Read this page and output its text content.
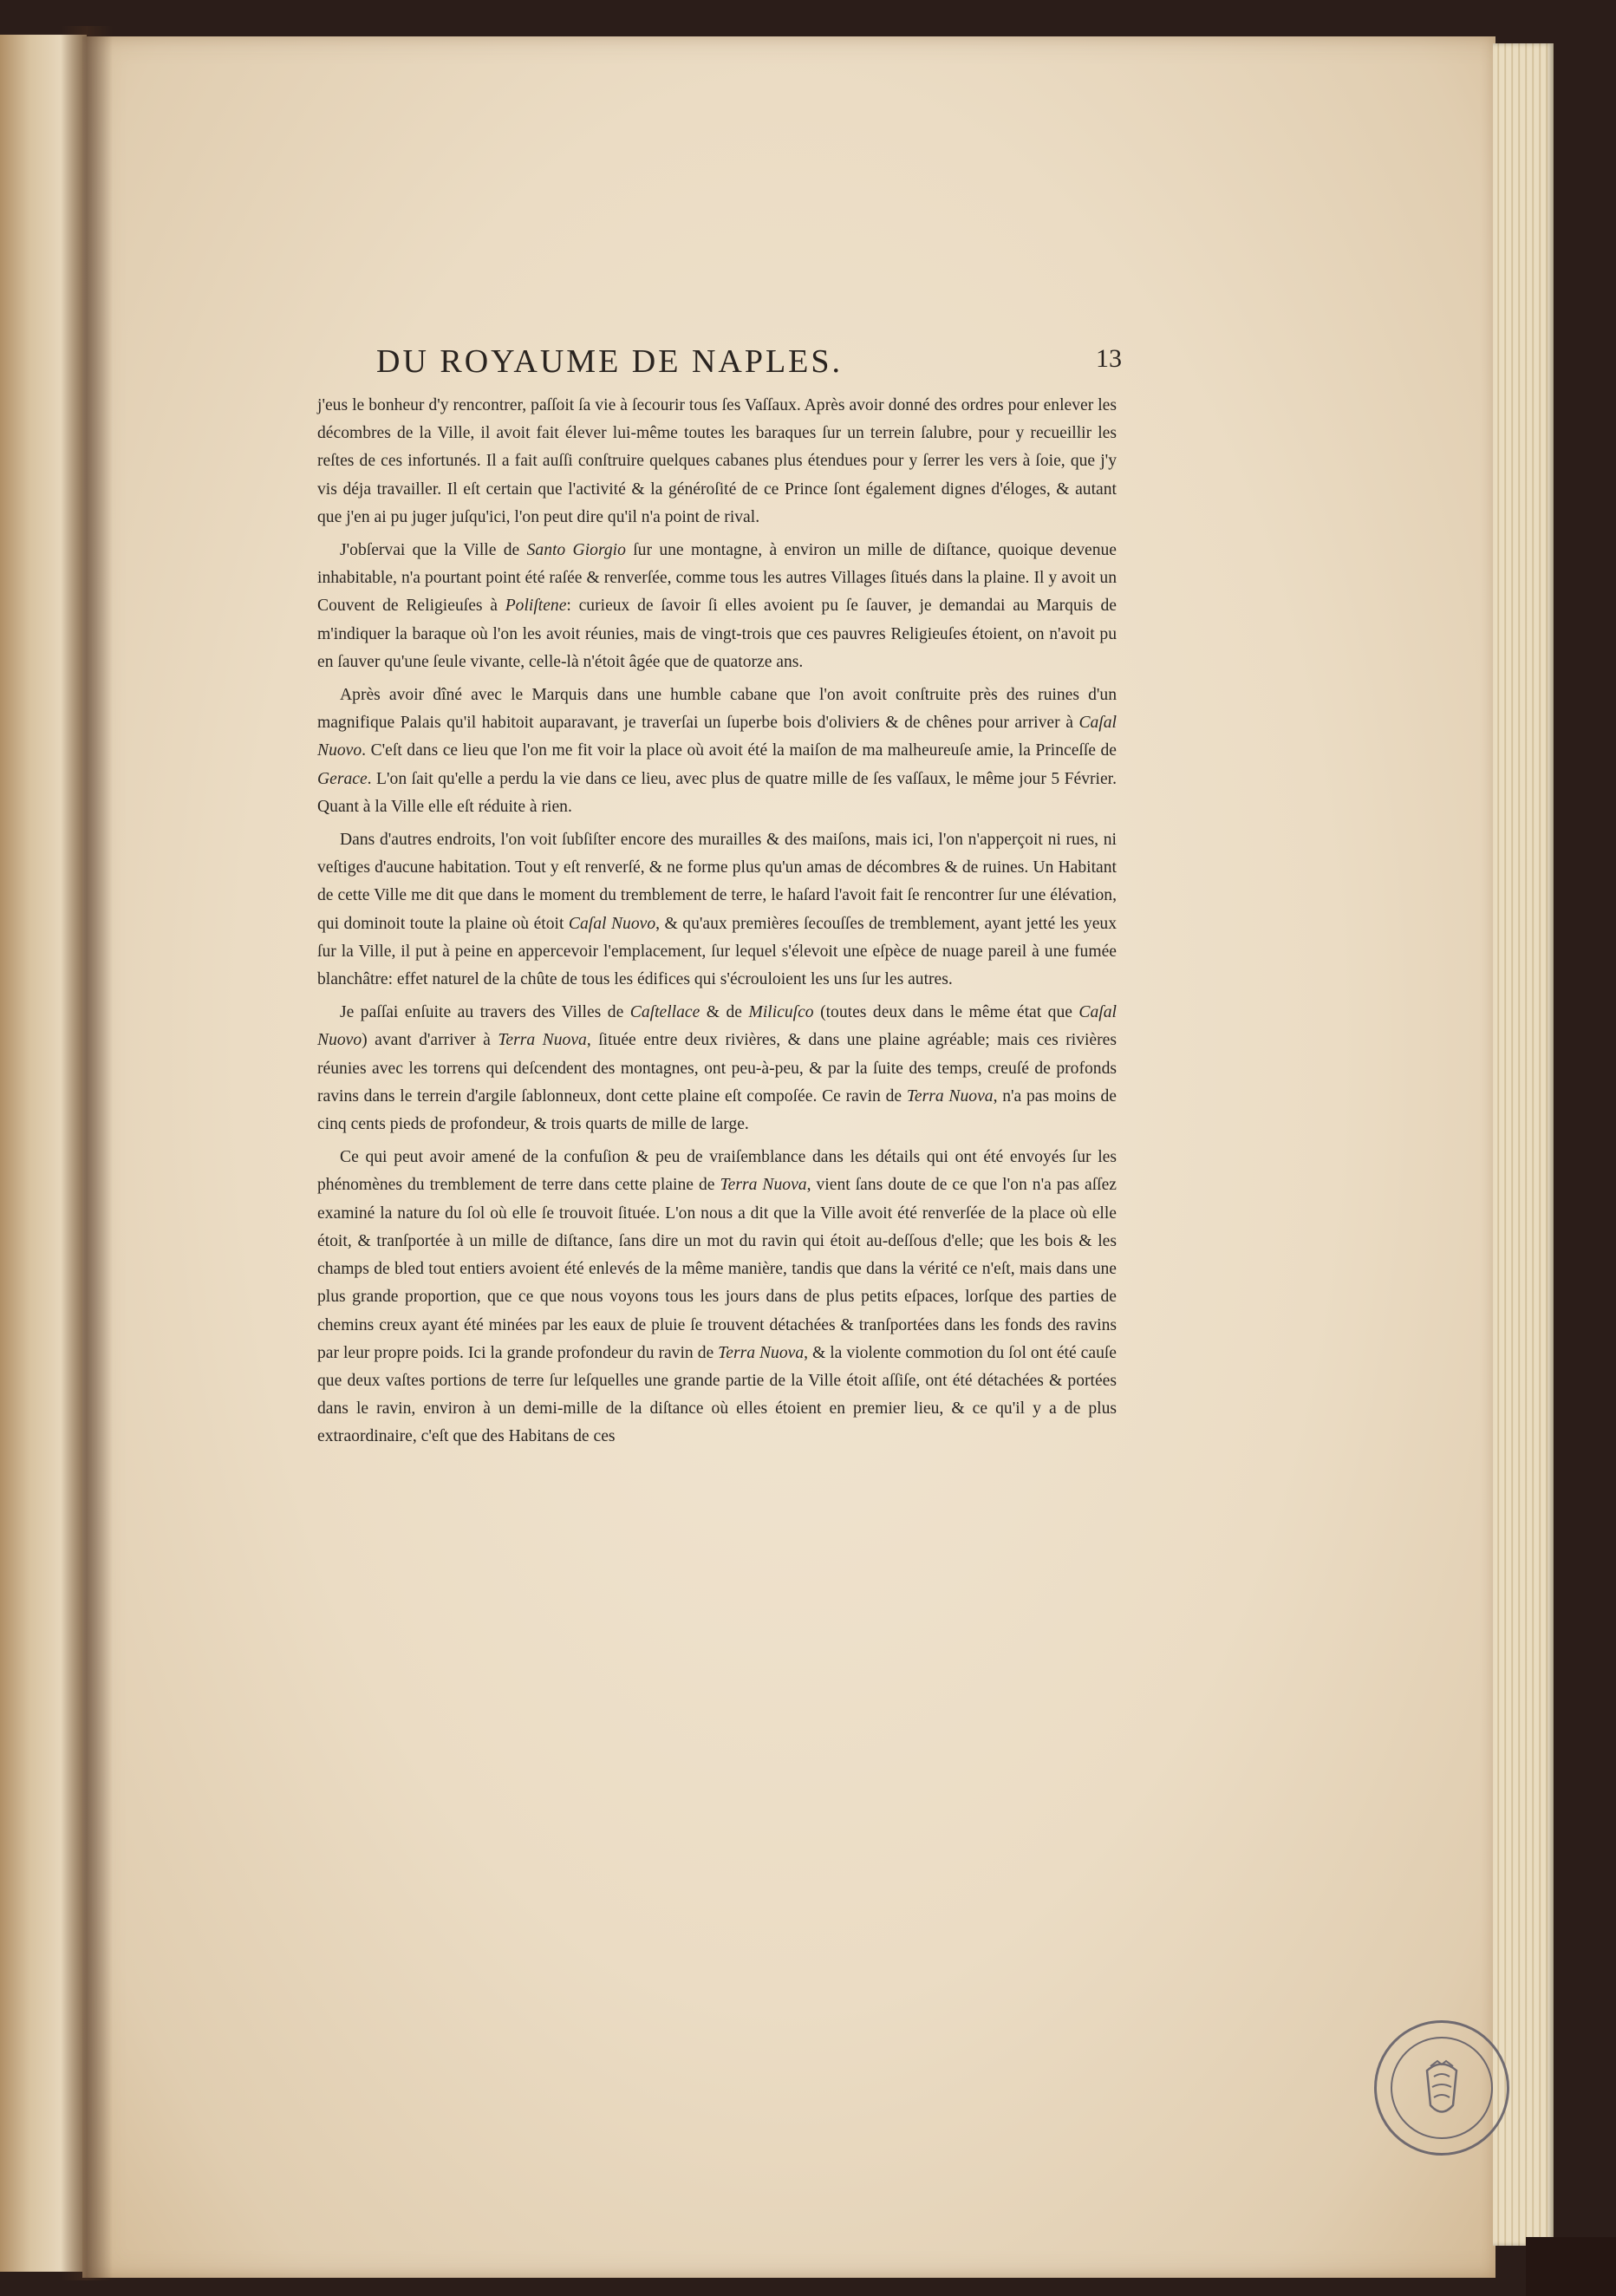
DU ROYAUME DE NAPLES.	13

j'eus le bonheur d'y rencontrer, paſſoit ſa vie à ſecourir tous ſes Vaſſaux. Après avoir donné des ordres pour enlever les décombres de la Ville, il avoit fait élever lui-même toutes les baraques ſur un terrein ſalubre, pour y recueillir les reſtes de ces infortunés. Il a fait auſſi conſtruire quelques cabanes plus étendues pour y ſerrer les vers à ſoie, que j'y vis déja travailler. Il eſt certain que l'activité & la généroſité de ce Prince ſont également dignes d'éloges, & autant que j'en ai pu juger juſqu'ici, l'on peut dire qu'il n'a point de rival.

J'obſervai que la Ville de Santo Giorgio ſur une montagne, à environ un mille de diſtance, quoique devenue inhabitable, n'a pourtant point été raſée & renverſée, comme tous les autres Villages ſitués dans la plaine. Il y avoit un Couvent de Religieuſes à Poliſtene: curieux de ſavoir ſi elles avoient pu ſe ſauver, je demandai au Marquis de m'indiquer la baraque où l'on les avoit réunies, mais de vingt-trois que ces pauvres Religieuſes étoient, on n'avoit pu en ſauver qu'une ſeule vivante, celle-là n'étoit âgée que de quatorze ans.

Après avoir dîné avec le Marquis dans une humble cabane que l'on avoit conſtruite près des ruines d'un magnifique Palais qu'il habitoit auparavant, je traverſai un ſuperbe bois d'oliviers & de chênes pour arriver à Caſal Nuovo. C'eſt dans ce lieu que l'on me fit voir la place où avoit été la maiſon de ma malheureuſe amie, la Princeſſe de Gerace. L'on ſait qu'elle a perdu la vie dans ce lieu, avec plus de quatre mille de ſes vaſſaux, le même jour 5 Février. Quant à la Ville elle eſt réduite à rien.

Dans d'autres endroits, l'on voit ſubſiſter encore des murailles & des maiſons, mais ici, l'on n'apperçoit ni rues, ni veſtiges d'aucune habitation. Tout y eſt renverſé, & ne forme plus qu'un amas de décombres & de ruines. Un Habitant de cette Ville me dit que dans le moment du tremblement de terre, le haſard l'avoit fait ſe rencontrer ſur une élévation, qui dominoit toute la plaine où étoit Caſal Nuovo, & qu'aux premières ſecouſſes de tremblement, ayant jetté les yeux ſur la Ville, il put à peine en appercevoir l'emplacement, ſur lequel s'élevoit une eſpèce de nuage pareil à une fumée blanchâtre: effet naturel de la chûte de tous les édifices qui s'écrouloient les uns ſur les autres.

Je paſſai enſuite au travers des Villes de Caſtellace & de Milicuſco (toutes deux dans le même état que Caſal Nuovo) avant d'arriver à Terra Nuova, ſituée entre deux rivières, & dans une plaine agréable; mais ces rivières réunies avec les torrens qui deſcendent des montagnes, ont peu-à-peu, & par la ſuite des temps, creuſé de profonds ravins dans le terrein d'argile ſablonneux, dont cette plaine eſt compoſée. Ce ravin de Terra Nuova, n'a pas moins de cinq cents pieds de profondeur, & trois quarts de mille de large.

Ce qui peut avoir amené de la confuſion & peu de vraiſemblance dans les détails qui ont été envoyés ſur les phénomènes du tremblement de terre dans cette plaine de Terra Nuova, vient ſans doute de ce que l'on n'a pas aſſez examiné la nature du ſol où elle ſe trouvoit ſituée. L'on nous a dit que la Ville avoit été renverſée de la place où elle étoit, & tranſportée à un mille de diſtance, ſans dire un mot du ravin qui étoit au-deſſous d'elle; que les bois & les champs de bled tout entiers avoient été enlevés de la même manière, tandis que dans la vérité ce n'eſt, mais dans une plus grande proportion, que ce que nous voyons tous les jours dans de plus petits eſpaces, lorſque des parties de chemins creux ayant été minées par les eaux de pluie ſe trouvent détachées & tranſportées dans les fonds des ravins par leur propre poids. Ici la grande profondeur du ravin de Terra Nuova, & la violente commotion du ſol ont été cauſe que deux vaſtes portions de terre ſur leſquelles une grande partie de la Ville étoit aſſiſe, ont été détachées & portées dans le ravin, environ à un demi-mille de la diſtance où elles étoient en premier lieu, & ce qu'il y a de plus extraordinaire, c'eſt que des Habitans de ces
